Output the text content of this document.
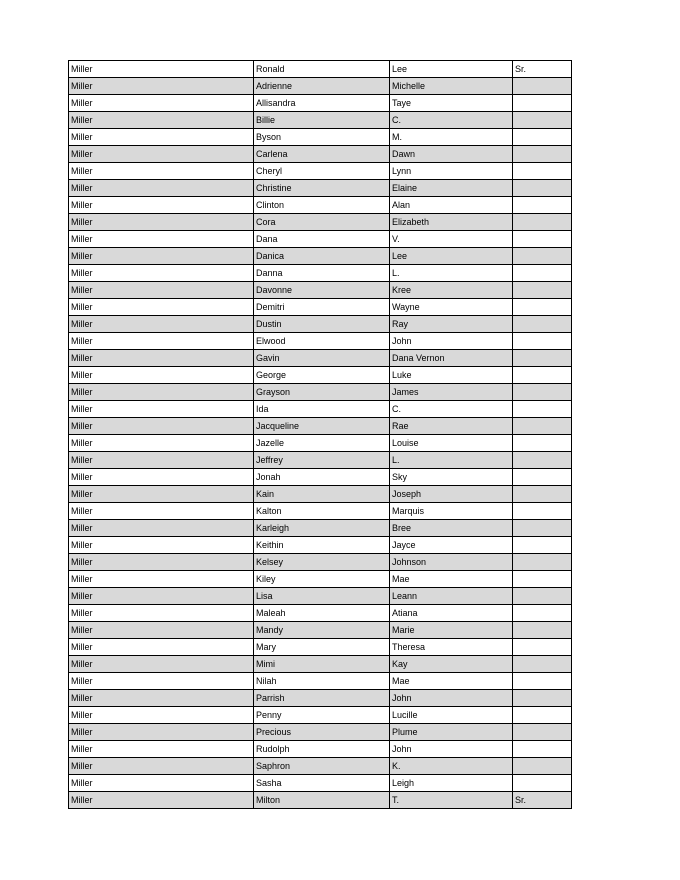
Miller	Ronald	Lee	Sr.
Miller	Adrienne	Michelle	
Miller	Allisandra	Taye	
Miller	Billie	C.	
Miller	Byson	M.	
Miller	Carlena	Dawn	
Miller	Cheryl	Lynn	
Miller	Christine	Elaine	
Miller	Clinton	Alan	
Miller	Cora	Elizabeth	
Miller	Dana	V.	
Miller	Danica	Lee	
Miller	Danna	L.	
Miller	Davonne	Kree	
Miller	Demitri	Wayne	
Miller	Dustin	Ray	
Miller	Elwood	John	
Miller	Gavin	Dana Vernon	
Miller	George	Luke	
Miller	Grayson	James	
Miller	Ida	C.	
Miller	Jacqueline	Rae	
Miller	Jazelle	Louise	
Miller	Jeffrey	L.	
Miller	Jonah	Sky	
Miller	Kain	Joseph	
Miller	Kalton	Marquis	
Miller	Karleigh	Bree	
Miller	Keithin	Jayce	
Miller	Kelsey	Johnson	
Miller	Kiley	Mae	
Miller	Lisa	Leann	
Miller	Maleah	Atiana	
Miller	Mandy	Marie	
Miller	Mary	Theresa	
Miller	Mimi	Kay	
Miller	Nilah	Mae	
Miller	Parrish	John	
Miller	Penny	Lucille	
Miller	Precious	Plume	
Miller	Rudolph	John	
Miller	Saphron	K.	
Miller	Sasha	Leigh	
Miller	Milton	T.	Sr.
